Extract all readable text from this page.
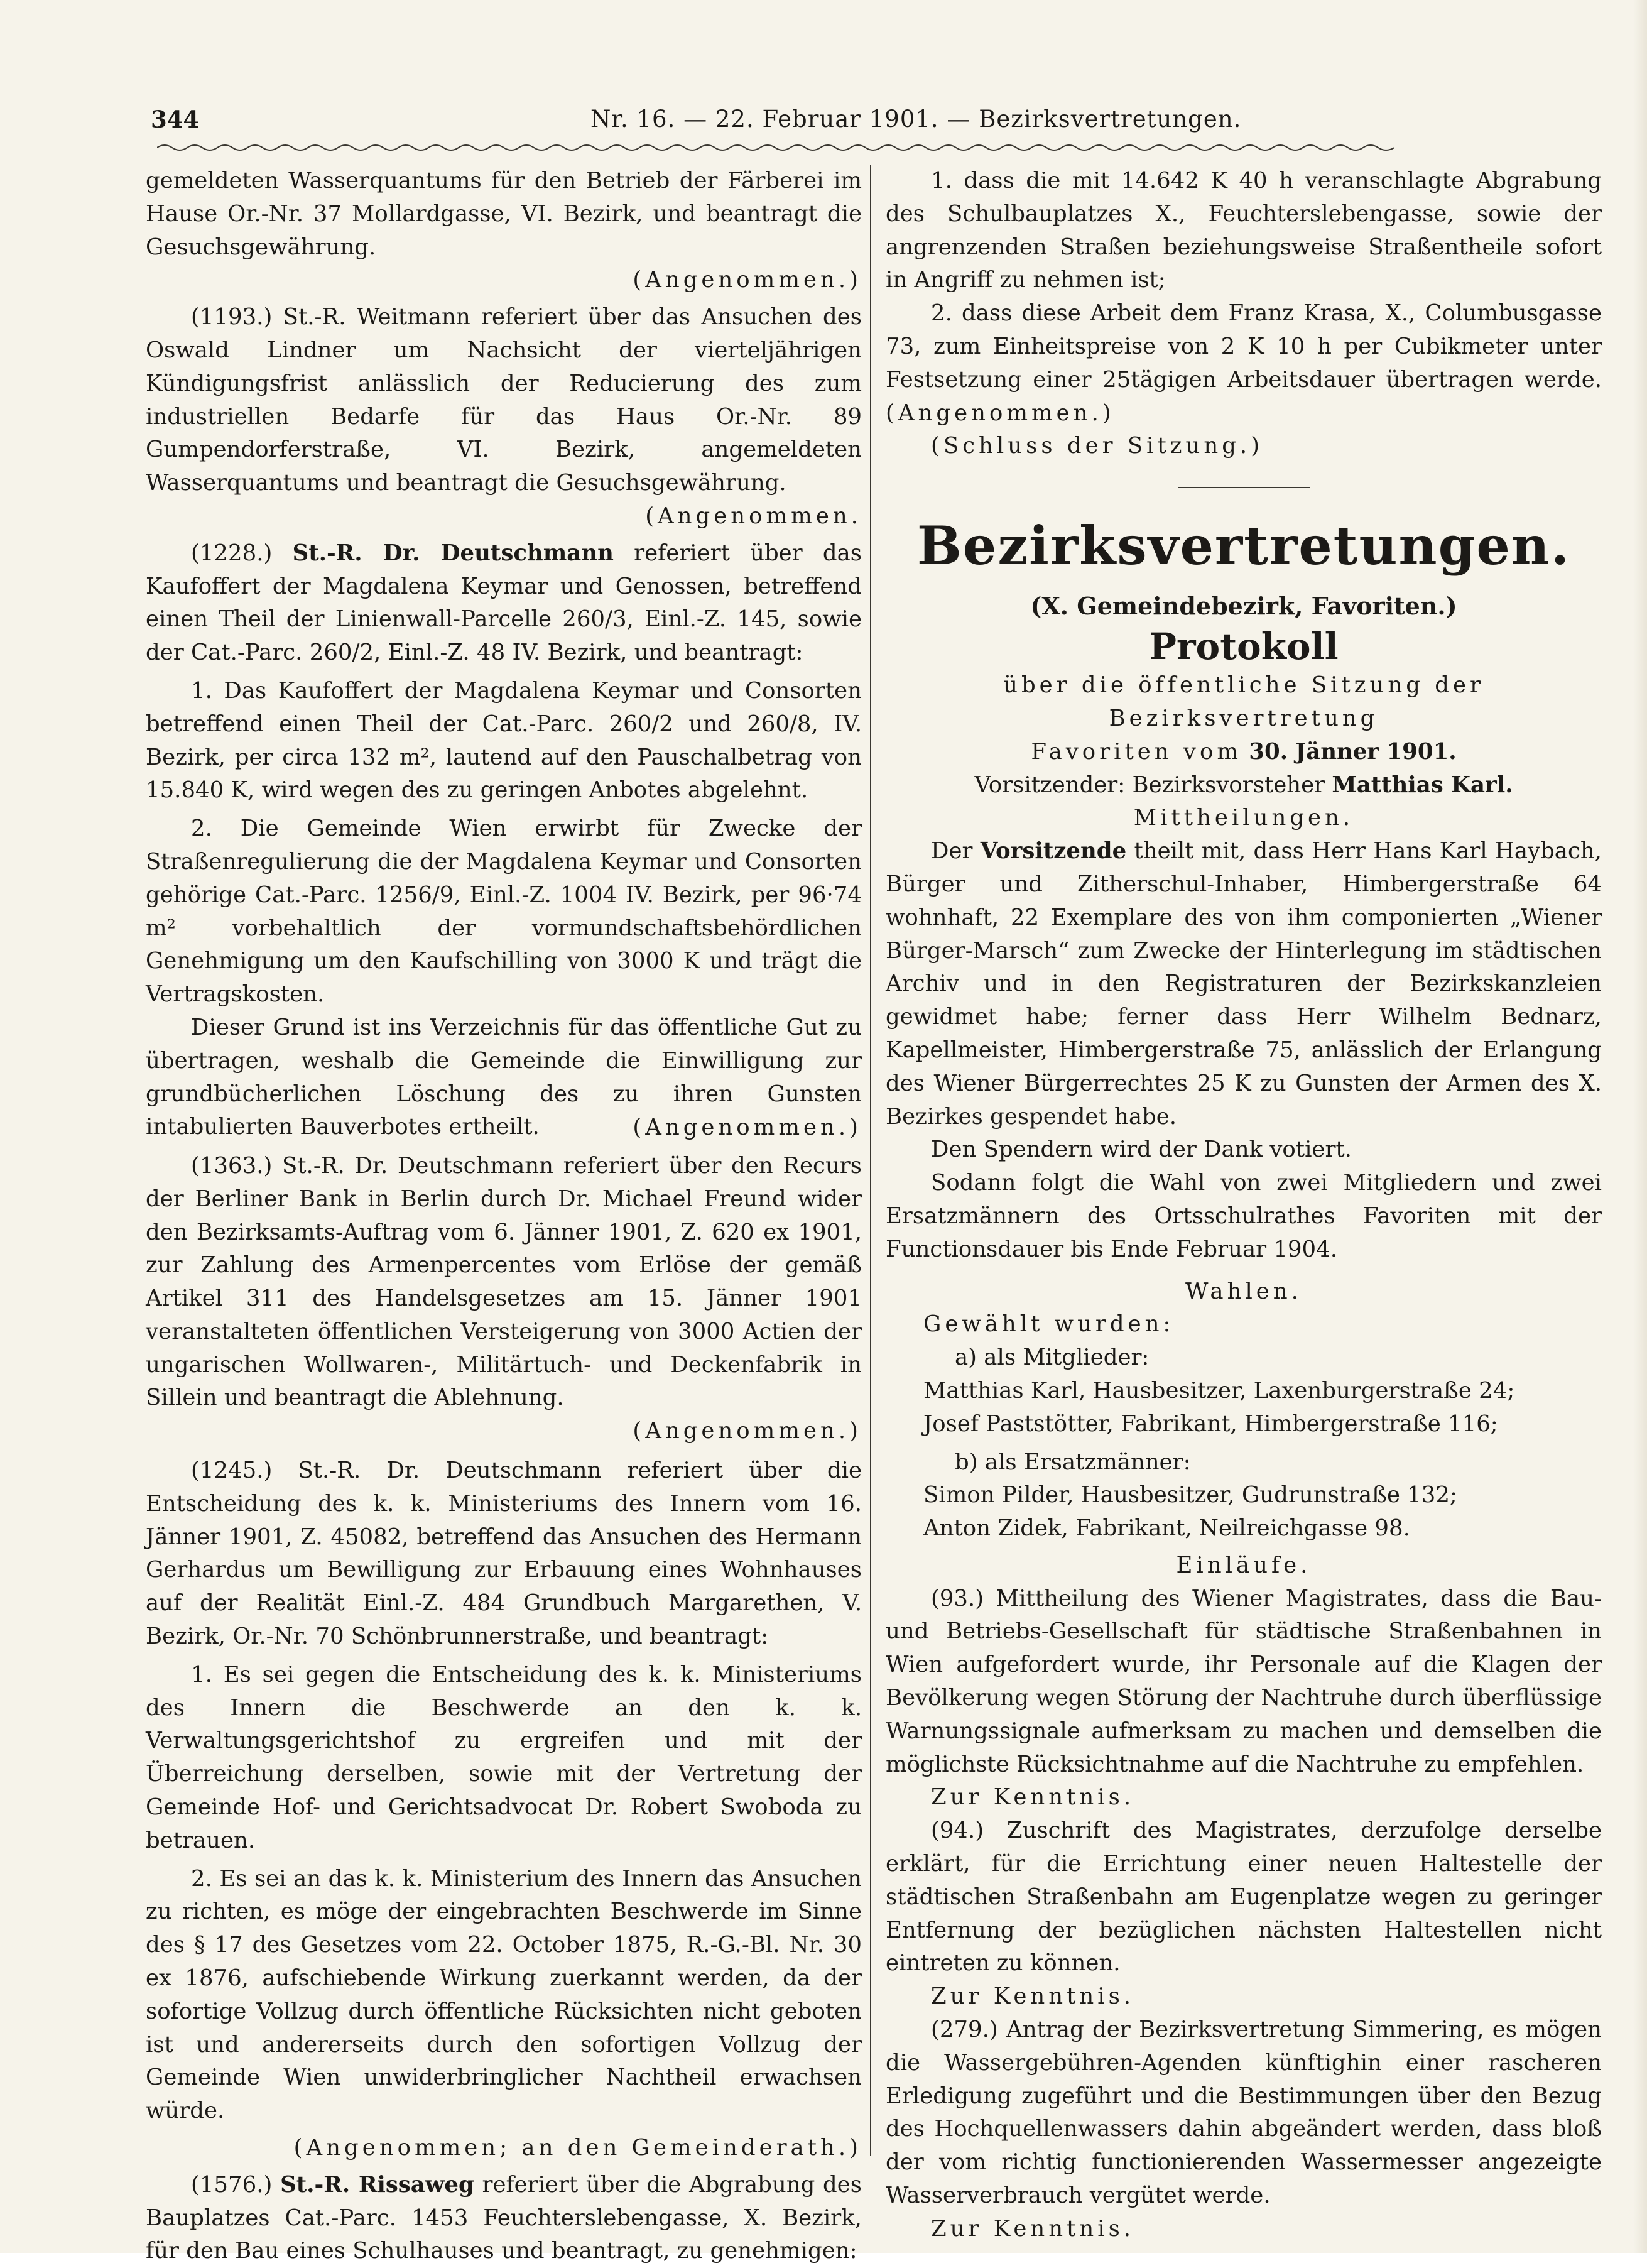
344	Nr. 16. — 22. Februar 1901. — Bezirksvertretungen.

gemeldeten Wasserquantums für den Betrieb der Färberei im Hause Or.-Nr. 37 Mollardgasse, VI. Bezirk, und beantragt die Gesuchsgewährung.

(Angenommen.)

(1193.) St.-R. Weitmann referiert über das Ansuchen des Oswald Lindner um Nachsicht der vierteljährigen Kündigungsfrist anlässlich der Reducierung des zum industriellen Bedarfe für das Haus Or.-Nr. 89 Gumpendorferstraße, VI. Bezirk, angemeldeten Wasserquantums und beantragt die Gesuchsgewährung.

(Angenommen.

(1228.) St.-R. Dr. Deutschmann referiert über das Kaufoffert der Magdalena Keymar und Genossen, betreffend einen Theil der Linienwall-Parcelle 260/3, Einl.-Z. 145, sowie der Cat.-Parc. 260/2, Einl.-Z. 48 IV. Bezirk, und beantragt:

1. Das Kaufoffert der Magdalena Keymar und Consorten betreffend einen Theil der Cat.-Parc. 260/2 und 260/8, IV. Bezirk, per circa 132 m², lautend auf den Pauschalbetrag von 15.840 K, wird wegen des zu geringen Anbotes abgelehnt.

2. Die Gemeinde Wien erwirbt für Zwecke der Straßenregulierung die der Magdalena Keymar und Consorten gehörige Cat.-Parc. 1256/9, Einl.-Z. 1004 IV. Bezirk, per 96·74 m² vorbehaltlich der vormundschaftsbehördlichen Genehmigung um den Kaufschilling von 3000 K und trägt die Vertragskosten.

Dieser Grund ist ins Verzeichnis für das öffentliche Gut zu übertragen, weshalb die Gemeinde die Einwilligung zur grundbücherlichen Löschung des zu ihren Gunsten intabulierten Bauverbotes ertheilt.	(Angenommen.)

(1363.) St.-R. Dr. Deutschmann referiert über den Recurs der Berliner Bank in Berlin durch Dr. Michael Freund wider den Bezirksamts-Auftrag vom 6. Jänner 1901, Z. 620 ex 1901, zur Zahlung des Armenpercentes vom Erlöse der gemäß Artikel 311 des Handelsgesetzes am 15. Jänner 1901 veranstalteten öffentlichen Versteigerung von 3000 Actien der ungarischen Wollwaren-, Militärtuch- und Deckenfabrik in Sillein und beantragt die Ablehnung.

(Angenommen.)

(1245.) St.-R. Dr. Deutschmann referiert über die Entscheidung des k. k. Ministeriums des Innern vom 16. Jänner 1901, Z. 45082, betreffend das Ansuchen des Hermann Gerhardus um Bewilligung zur Erbauung eines Wohnhauses auf der Realität Einl.-Z. 484 Grundbuch Margarethen, V. Bezirk, Or.-Nr. 70 Schönbrunnerstraße, und beantragt:

1. Es sei gegen die Entscheidung des k. k. Ministeriums des Innern die Beschwerde an den k. k. Verwaltungsgerichtshof zu ergreifen und mit der Überreichung derselben, sowie mit der Vertretung der Gemeinde Hof- und Gerichtsadvocat Dr. Robert Swoboda zu betrauen.

2. Es sei an das k. k. Ministerium des Innern das Ansuchen zu richten, es möge der eingebrachten Beschwerde im Sinne des § 17 des Gesetzes vom 22. October 1875, R.-G.-Bl. Nr. 30 ex 1876, aufschiebende Wirkung zuerkannt werden, da der sofortige Vollzug durch öffentliche Rücksichten nicht geboten ist und andererseits durch den sofortigen Vollzug der Gemeinde Wien unwiderbringlicher Nachtheil erwachsen würde.

(Angenommen; an den Gemeinderath.)

(1576.) St.-R. Rissaweg referiert über die Abgrabung des Bauplatzes Cat.-Parc. 1453 Feuchterslebengasse, X. Bezirk, für den Bau eines Schulhauses und beantragt, zu genehmigen:

1. dass die mit 14.642 K 40 h veranschlagte Abgrabung des Schulbauplatzes X., Feuchterslebengasse, sowie der angrenzenden Straßen beziehungsweise Straßentheile sofort in Angriff zu nehmen ist;

2. dass diese Arbeit dem Franz Krasa, X., Columbusgasse 73, zum Einheitspreise von 2 K 10 h per Cubikmeter unter Festsetzung einer 25tägigen Arbeitsdauer übertragen werde. (Angenommen.)

(Schluss der Sitzung.)

Bezirksvertretungen.
(X. Gemeindebezirk, Favoriten.)
Protokoll

über die öffentliche Sitzung der Bezirksvertretung

Favoriten vom 30. Jänner 1901.

Vorsitzender: Bezirksvorsteher Matthias Karl.

Mittheilungen.

Der Vorsitzende theilt mit, dass Herr Hans Karl Haybach, Bürger und Zitherschul-Inhaber, Himbergerstraße 64 wohnhaft, 22 Exemplare des von ihm componierten „Wiener Bürger-Marsch“ zum Zwecke der Hinterlegung im städtischen Archiv und in den Registraturen der Bezirkskanzleien gewidmet habe; ferner dass Herr Wilhelm Bednarz, Kapellmeister, Himbergerstraße 75, anlässlich der Erlangung des Wiener Bürgerrechtes 25 K zu Gunsten der Armen des X. Bezirkes gespendet habe.

Den Spendern wird der Dank votiert.

Sodann folgt die Wahl von zwei Mitgliedern und zwei Ersatzmännern des Ortsschulrathes Favoriten mit der Functionsdauer bis Ende Februar 1904.

Wahlen.

Gewählt wurden:

a) als Mitglieder:

Matthias Karl, Hausbesitzer, Laxenburgerstraße 24;

Josef Paststötter, Fabrikant, Himbergerstraße 116;

b) als Ersatzmänner:

Simon Pilder, Hausbesitzer, Gudrunstraße 132;

Anton Zidek, Fabrikant, Neilreichgasse 98.

Einläufe.

(93.) Mittheilung des Wiener Magistrates, dass die Bau- und Betriebs-Gesellschaft für städtische Straßenbahnen in Wien aufgefordert wurde, ihr Personale auf die Klagen der Bevölkerung wegen Störung der Nachtruhe durch überflüssige Warnungssignale aufmerksam zu machen und demselben die möglichste Rücksichtnahme auf die Nachtruhe zu empfehlen.

Zur Kenntnis.

(94.) Zuschrift des Magistrates, derzufolge derselbe erklärt, für die Errichtung einer neuen Haltestelle der städtischen Straßenbahn am Eugenplatze wegen zu geringer Entfernung der bezüglichen nächsten Haltestellen nicht eintreten zu können.

Zur Kenntnis.

(279.) Antrag der Bezirksvertretung Simmering, es mögen die Wassergebühren-Agenden künftighin einer rascheren Erledigung zugeführt und die Bestimmungen über den Bezug des Hochquellenwassers dahin abgeändert werden, dass bloß der vom richtig functionierenden Wassermesser angezeigte Wasserverbrauch vergütet werde.

Zur Kenntnis.
